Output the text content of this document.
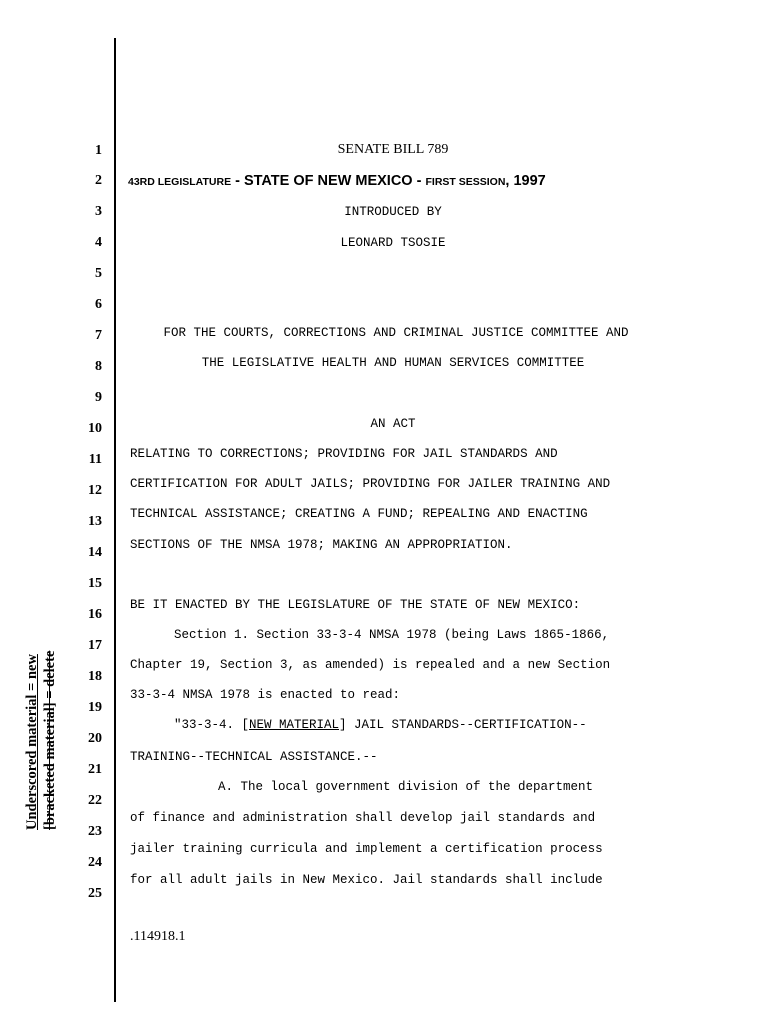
Underscored material = new [bracketed material] = delete
1
2
3
4
5
6
7
8
9
10
11
12
13
14
15
16
17
18
19
20
21
22
23
24
25
SENATE BILL 789
43RD LEGISLATURE - STATE OF NEW MEXICO - FIRST SESSION, 1997
INTRODUCED BY
LEONARD TSOSIE
FOR THE COURTS, CORRECTIONS AND CRIMINAL JUSTICE COMMITTEE AND
THE LEGISLATIVE HEALTH AND HUMAN SERVICES COMMITTEE
AN ACT
RELATING TO CORRECTIONS; PROVIDING FOR JAIL STANDARDS AND
CERTIFICATION FOR ADULT JAILS; PROVIDING FOR JAILER TRAINING AND
TECHNICAL ASSISTANCE; CREATING A FUND; REPEALING AND ENACTING
SECTIONS OF THE NMSA 1978; MAKING AN APPROPRIATION.
BE IT ENACTED BY THE LEGISLATURE OF THE STATE OF NEW MEXICO:
Section 1. Section 33-3-4 NMSA 1978 (being Laws 1865-1866,
Chapter 19, Section 3, as amended) is repealed and a new Section
33-3-4 NMSA 1978 is enacted to read:
"33-3-4. [NEW MATERIAL] JAIL STANDARDS--CERTIFICATION--
TRAINING--TECHNICAL ASSISTANCE.--
A. The local government division of the department
of finance and administration shall develop jail standards and
jailer training curricula and implement a certification process
for all adult jails in New Mexico. Jail standards shall include
.114918.1
